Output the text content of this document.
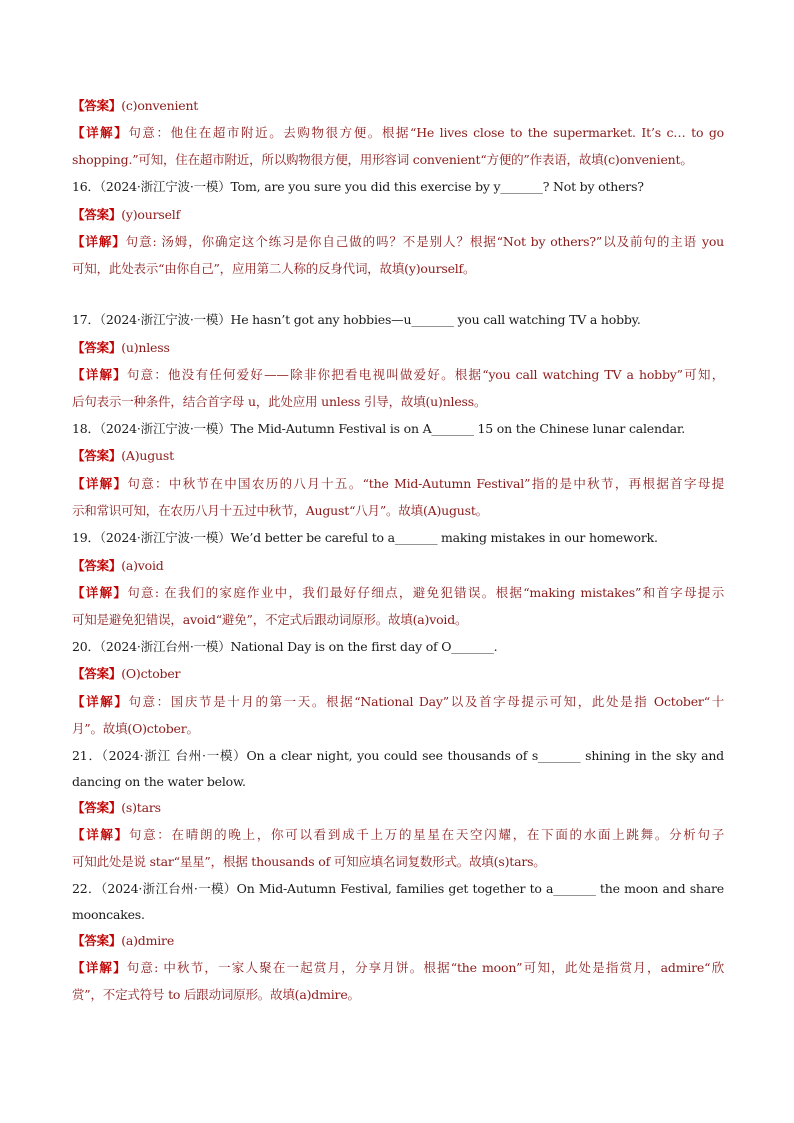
【答案】(c)onvenient
【详解】句意：他住在超市附近。去购物很方便。根据“He lives close to the supermarket. It’s c… to go
shopping.”可知，住在超市附近，所以购物很方便，用形容词 convenient“方便的”作表语，故填(c)onvenient。
16．（2024·浙江宁波·一模）Tom, are you sure you did this exercise by y_______? Not by others?
【答案】(y)ourself
【详解】句意: 汤姆，你确定这个练习是你自己做的吗？不是别人？根据“Not by others?”以及前句的主语 you
可知，此处表示“由你自己”，应用第二人称的反身代词，故填(y)ourself。
17．（2024·浙江宁波·一模）He hasn’t got any hobbies—u_______ you call watching TV a hobby.
【答案】(u)nless
【详解】句意：他没有任何爱好——除非你把看电视叫做爱好。根据“you call watching TV a hobby”可知，
后句表示一种条件，结合首字母 u，此处应用 unless 引导，故填(u)nless。
18．（2024·浙江宁波·一模）The Mid-Autumn Festival is on A_______ 15 on the Chinese lunar calendar.
【答案】(A)ugust
【详解】句意：中秋节在中国农历的八月十五。“the Mid-Autumn Festival”指的是中秋节，再根据首字母提
示和常识可知，在农历八月十五过中秋节，August“八月”。故填(A)ugust。
19．（2024·浙江宁波·一模）We’d better be careful to a_______ making mistakes in our homework.
【答案】(a)void
【详解】句意: 在我们的家庭作业中，我们最好仔细点，避免犯错误。根据“making mistakes”和首字母提示
可知是避免犯错误，avoid“避免”，不定式后跟动词原形。故填(a)void。
20．（2024·浙江台州·一模）National Day is on the first day of O_______.
【答案】(O)ctober
【详解】句意：国庆节是十月的第一天。根据“National Day”以及首字母提示可知，此处是指 October“十
月”。故填(O)ctober。
21．（2024·浙江 台州·一模）On a clear night, you could see thousands of s_______ shining in the sky and
dancing on the water below.
【答案】(s)tars
【详解】句意：在晴朗的晚上，你可以看到成千上万的星星在天空闪耀，在下面的水面上跳舞。分析句子
可知此处是说 star“星星”，根据 thousands of 可知应填名词复数形式。故填(s)tars。
22．（2024·浙江台州·一模）On Mid-Autumn Festival, families get together to a_______ the moon and share
mooncakes.
【答案】(a)dmire
【详解】句意: 中秋节，一家人聚在一起赏月，分享月饼。根据“the moon”可知，此处是指赏月，admire“欣
赏”，不定式符号 to 后跟动词原形。故填(a)dmire。
